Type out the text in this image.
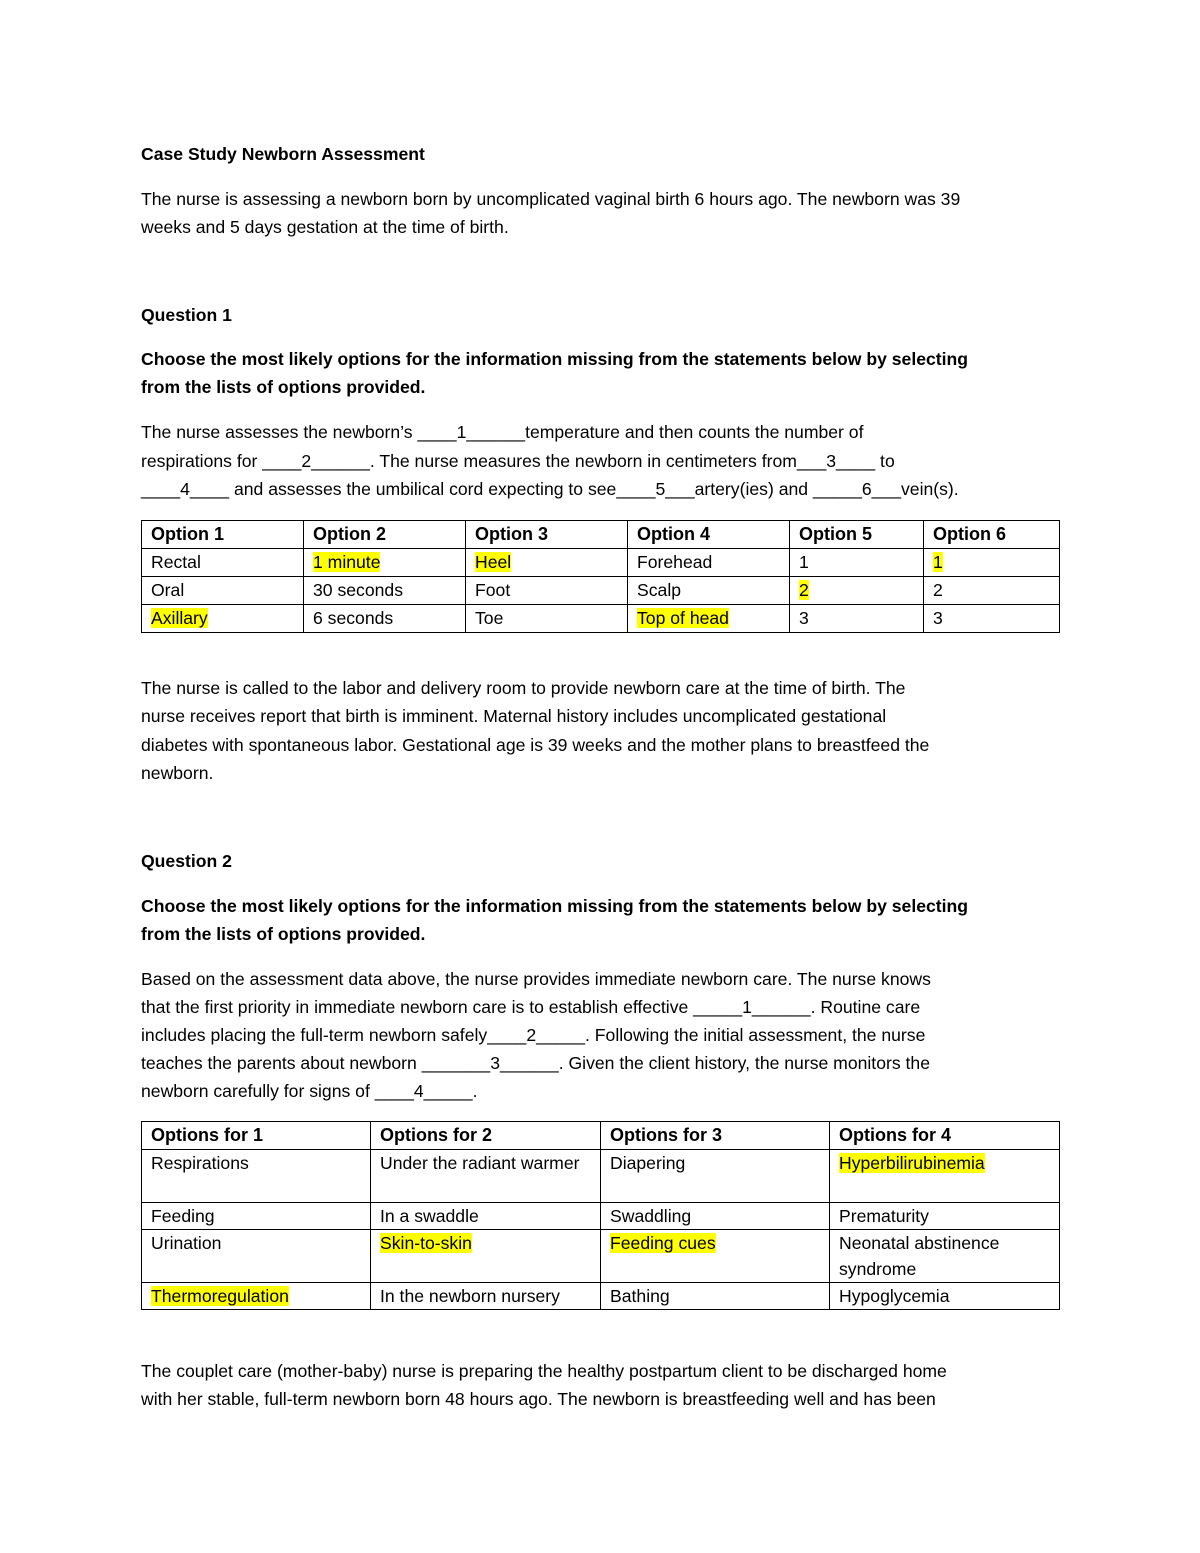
Case Study Newborn Assessment

The nurse is assessing a newborn born by uncomplicated vaginal birth 6 hours ago. The newborn was 39

weeks and 5 days gestation at the time of birth.

Question 1

Choose the most likely options for the information missing from the statements below by selecting

from the lists of options provided.

The nurse assesses the newborn’s ____1______temperature and then counts the number of

respirations for ____2______. The nurse measures the newborn in centimeters from___3____ to

____4____ and assesses the umbilical cord expecting to see____5___artery(ies) and _____6___vein(s).

Option 1	Option 2	Option 3	Option 4	Option 5	Option 6
Rectal	1 minute	Heel	Forehead	1	1
Oral	30 seconds	Foot	Scalp	2	2
Axillary	6 seconds	Toe	Top of head	3	3

The nurse is called to the labor and delivery room to provide newborn care at the time of birth. The

nurse receives report that birth is imminent. Maternal history includes uncomplicated gestational

diabetes with spontaneous labor. Gestational age is 39 weeks and the mother plans to breastfeed the

newborn.

Question 2

Choose the most likely options for the information missing from the statements below by selecting

from the lists of options provided.

Based on the assessment data above, the nurse provides immediate newborn care. The nurse knows

that the first priority in immediate newborn care is to establish effective _____1______. Routine care

includes placing the full-term newborn safely____2_____. Following the initial assessment, the nurse

teaches the parents about newborn _______3______. Given the client history, the nurse monitors the

newborn carefully for signs of ____4_____.

Options for 1	Options for 2	Options for 3	Options for 4
Respirations	Under the radiant warmer	Diapering	Hyperbilirubinemia
Feeding	In a swaddle	Swaddling	Prematurity
Urination	Skin-to-skin	Feeding cues	Neonatal abstinence syndrome
Thermoregulation	In the newborn nursery	Bathing	Hypoglycemia

The couplet care (mother-baby) nurse is preparing the healthy postpartum client to be discharged home

with her stable, full-term newborn born 48 hours ago. The newborn is breastfeeding well and has been
